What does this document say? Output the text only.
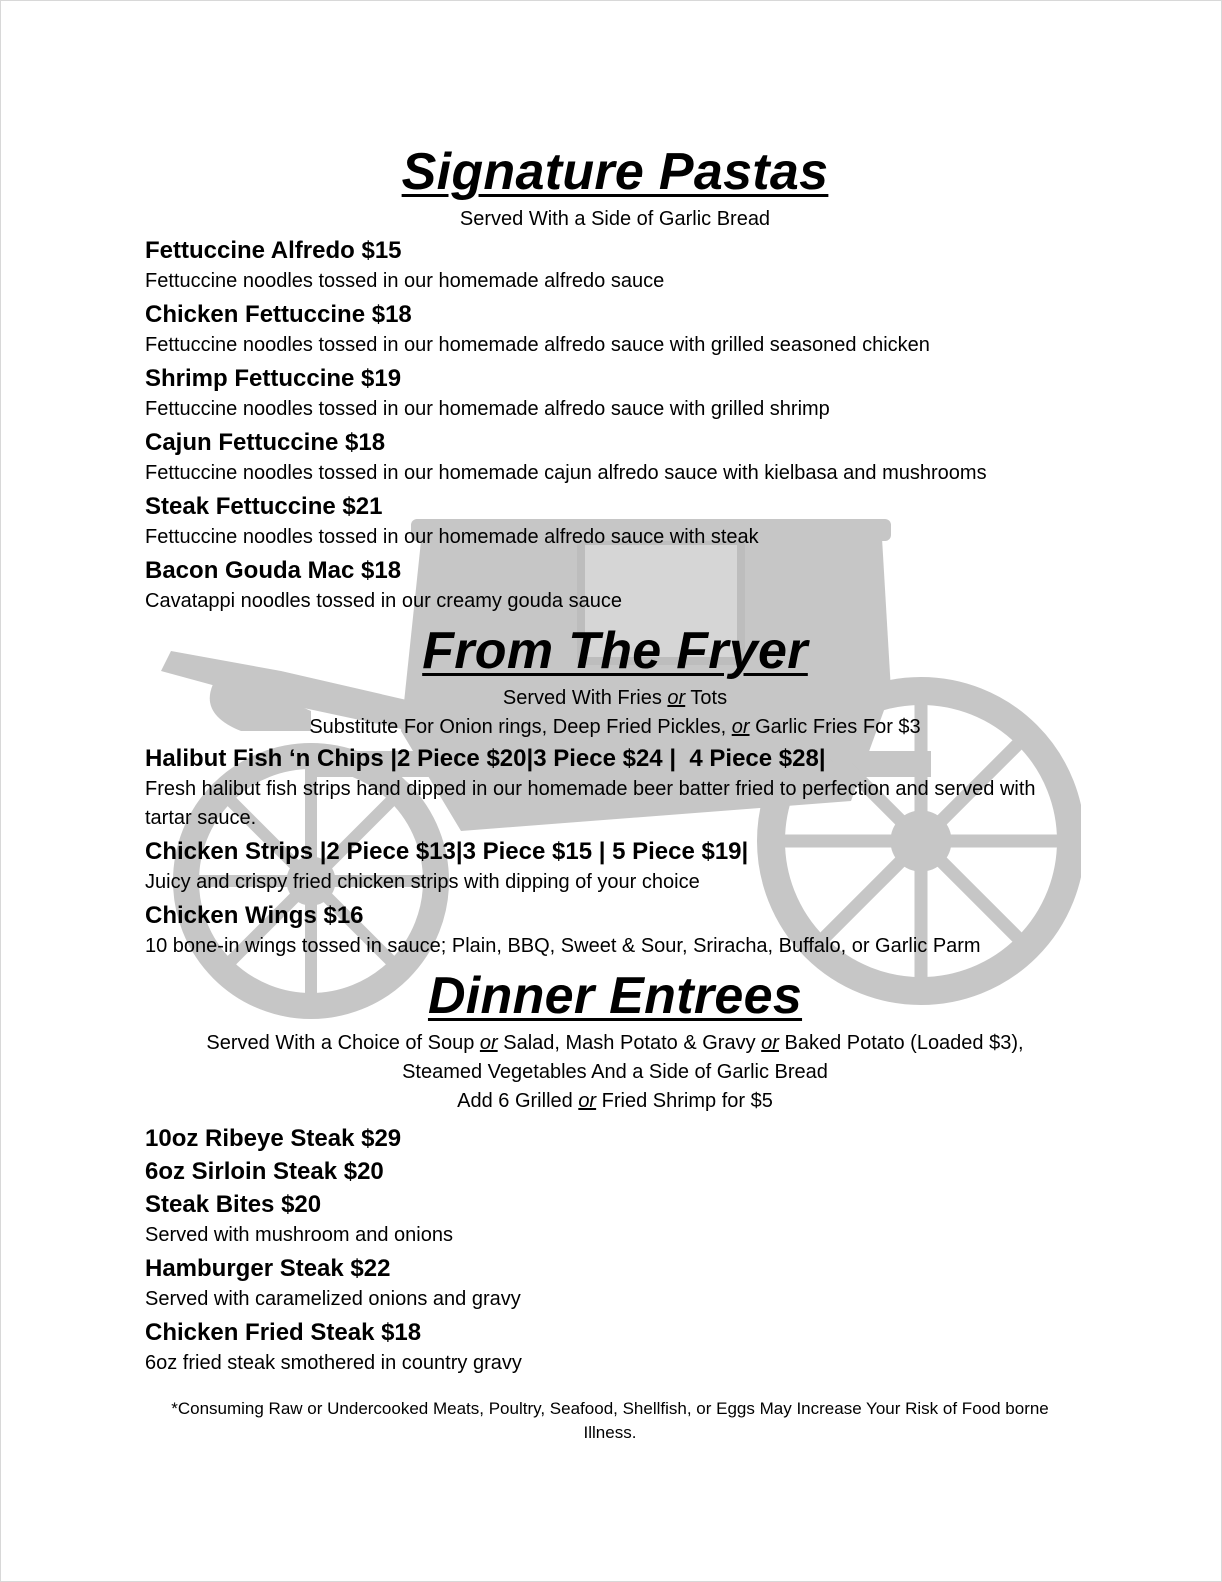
Signature Pastas

Served With a Side of Garlic Bread

Fettuccine Alfredo $15

Fettuccine noodles tossed in our homemade alfredo sauce

Chicken Fettuccine $18

Fettuccine noodles tossed in our homemade alfredo sauce with grilled seasoned chicken

Shrimp Fettuccine $19

Fettuccine noodles tossed in our homemade alfredo sauce with grilled shrimp

Cajun Fettuccine $18

Fettuccine noodles tossed in our homemade cajun alfredo sauce with kielbasa and mushrooms

Steak Fettuccine $21

Fettuccine noodles tossed in our homemade alfredo sauce with steak

Bacon Gouda Mac $18

Cavatappi noodles tossed in our creamy gouda sauce

From The Fryer

Served With Fries or Tots

Substitute For Onion rings, Deep Fried Pickles, or Garlic Fries For $3

Halibut Fish ‘n Chips |2 Piece $20|3 Piece $24 |  4 Piece $28|

Fresh halibut fish strips hand dipped in our homemade beer batter fried to perfection and served with tartar sauce.

Chicken Strips |2 Piece $13|3 Piece $15 | 5 Piece $19|

Juicy and crispy fried chicken strips with dipping of your choice

Chicken Wings $16

10 bone-in wings tossed in sauce; Plain, BBQ, Sweet & Sour, Sriracha, Buffalo, or Garlic Parm

Dinner Entrees

Served With a Choice of Soup or Salad, Mash Potato & Gravy or Baked Potato (Loaded $3),

Steamed Vegetables And a Side of Garlic Bread

Add 6 Grilled or Fried Shrimp for $5

10oz Ribeye Steak $29

6oz Sirloin Steak $20

Steak Bites $20

Served with mushroom and onions

Hamburger Steak $22

Served with caramelized onions and gravy

Chicken Fried Steak $18

6oz fried steak smothered in country gravy

*Consuming Raw or Undercooked Meats, Poultry, Seafood, Shellfish, or Eggs May Increase Your Risk of Food borne Illness.
